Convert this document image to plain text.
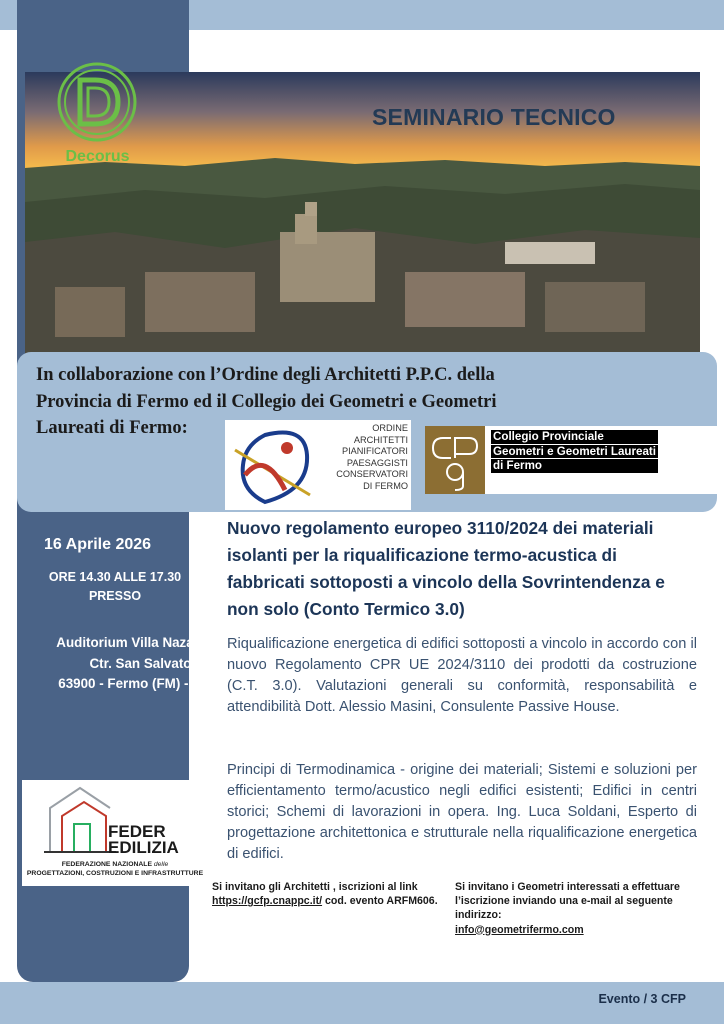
Decorus
SEMINARIO TECNICO
In collaborazione con l’Ordine degli Architetti P.P.C. della
Provincia di Fermo ed il Collegio dei Geometri e Geometri
Laureati di Fermo:	ORDINE
ARCHITETTI
PIANIFICATORI
PAESAGGISTI
CONSERVATORI
DI FERMO
Collegio Provinciale
Geometri e Geometri Laureati
di Fermo
16 Aprile 2026
ORE 14.30 ALLE 17.30
PRESSO
Auditorium Villa Nazareth
Ctr. San Salvatore, 6
63900 - Fermo (FM) - Italy
Nuovo regolamento europeo 3110/2024 dei materiali isolanti per la riqualificazione termo-acustica di fabbricati sottoposti a vincolo della Sovrintendenza e non solo (Conto Termico 3.0)
Riqualificazione energetica di edifici sottoposti a vincolo in accordo con il nuovo Regolamento CPR UE 2024/3110 dei prodotti da costruzione (C.T. 3.0). Valutazioni generali su conformità, responsabilità e attendibilità Dott. Alessio Masini, Consulente Passive House.
Principi di Termodinamica - origine dei materiali; Sistemi e soluzioni per efficientamento termo/acustico negli edifici esistenti; Edifici in centri storici; Schemi di lavorazioni in opera. Ing. Luca Soldani, Esperto di progettazione architettonica e strutturale nella riqualificazione energetica di edifici.
FEDER
EDILIZIA
FEDERAZIONE NAZIONALE delle
PROGETTAZIONI, COSTRUZIONI E INFRASTRUTTURE
Si invitano gli Architetti , iscrizioni al link
https://gcfp.cnappc.it/ cod. evento ARFM606.
Si invitano i Geometri interessati a effettuare l’iscrizione inviando una e-mail al seguente indirizzo:
info@geometrifermo.com
Evento / 3 CFP
